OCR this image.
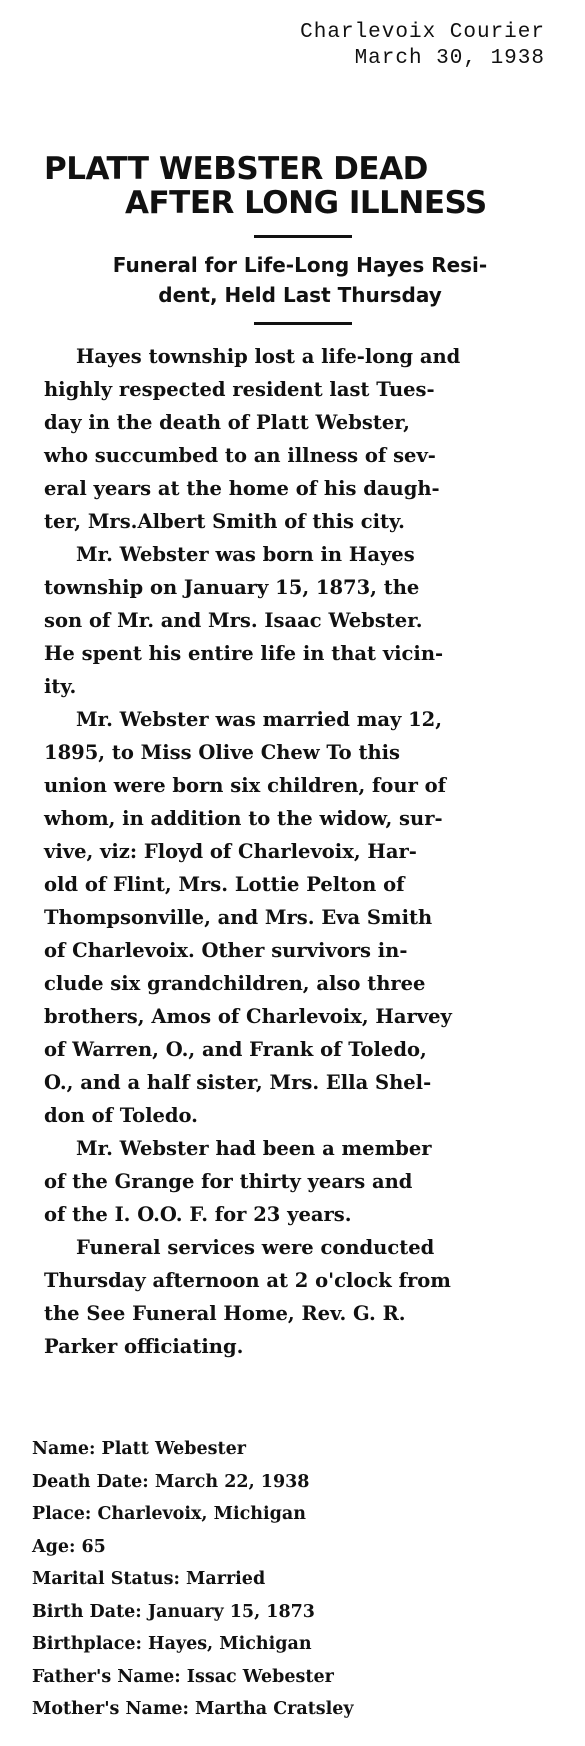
Charlevoix Courier
March 30, 1938
PLATT WEBSTER DEAD
AFTER LONG ILLNESS
Funeral for Life-Long Hayes Resi-
dent, Held Last Thursday

Hayes township lost a life-long and
highly respected resident last Tues-
day in the death of Platt Webster,
who succumbed to an illness of sev-
eral years at the home of his daugh-
ter, Mrs.Albert Smith of this city.

Mr. Webster was born in Hayes
township on January 15, 1873, the
son of Mr. and Mrs. Isaac Webster.
He spent his entire life in that vicin-
ity.

Mr. Webster was married may 12,
1895, to Miss Olive Chew To this
union were born six children, four of
whom, in addition to the widow, sur-
vive, viz: Floyd of Charlevoix, Har-
old of Flint, Mrs. Lottie Pelton of
Thompsonville, and Mrs. Eva Smith
of Charlevoix. Other survivors in-
clude six grandchildren, also three
brothers, Amos of Charlevoix, Harvey
of Warren, O., and Frank of Toledo,
O., and a half sister, Mrs. Ella Shel-
don of Toledo.

Mr. Webster had been a member
of the Grange for thirty years and
of the I. O.O. F. for 23 years.

Funeral services were conducted
Thursday afternoon at 2 o'clock from
the See Funeral Home, Rev. G. R.
Parker officiating.

Name: Platt Webester
Death Date: March 22, 1938
Place: Charlevoix, Michigan
Age: 65
Marital Status: Married
Birth Date: January 15, 1873
Birthplace: Hayes, Michigan
Father's Name: Issac Webester
Mother's Name: Martha Cratsley
